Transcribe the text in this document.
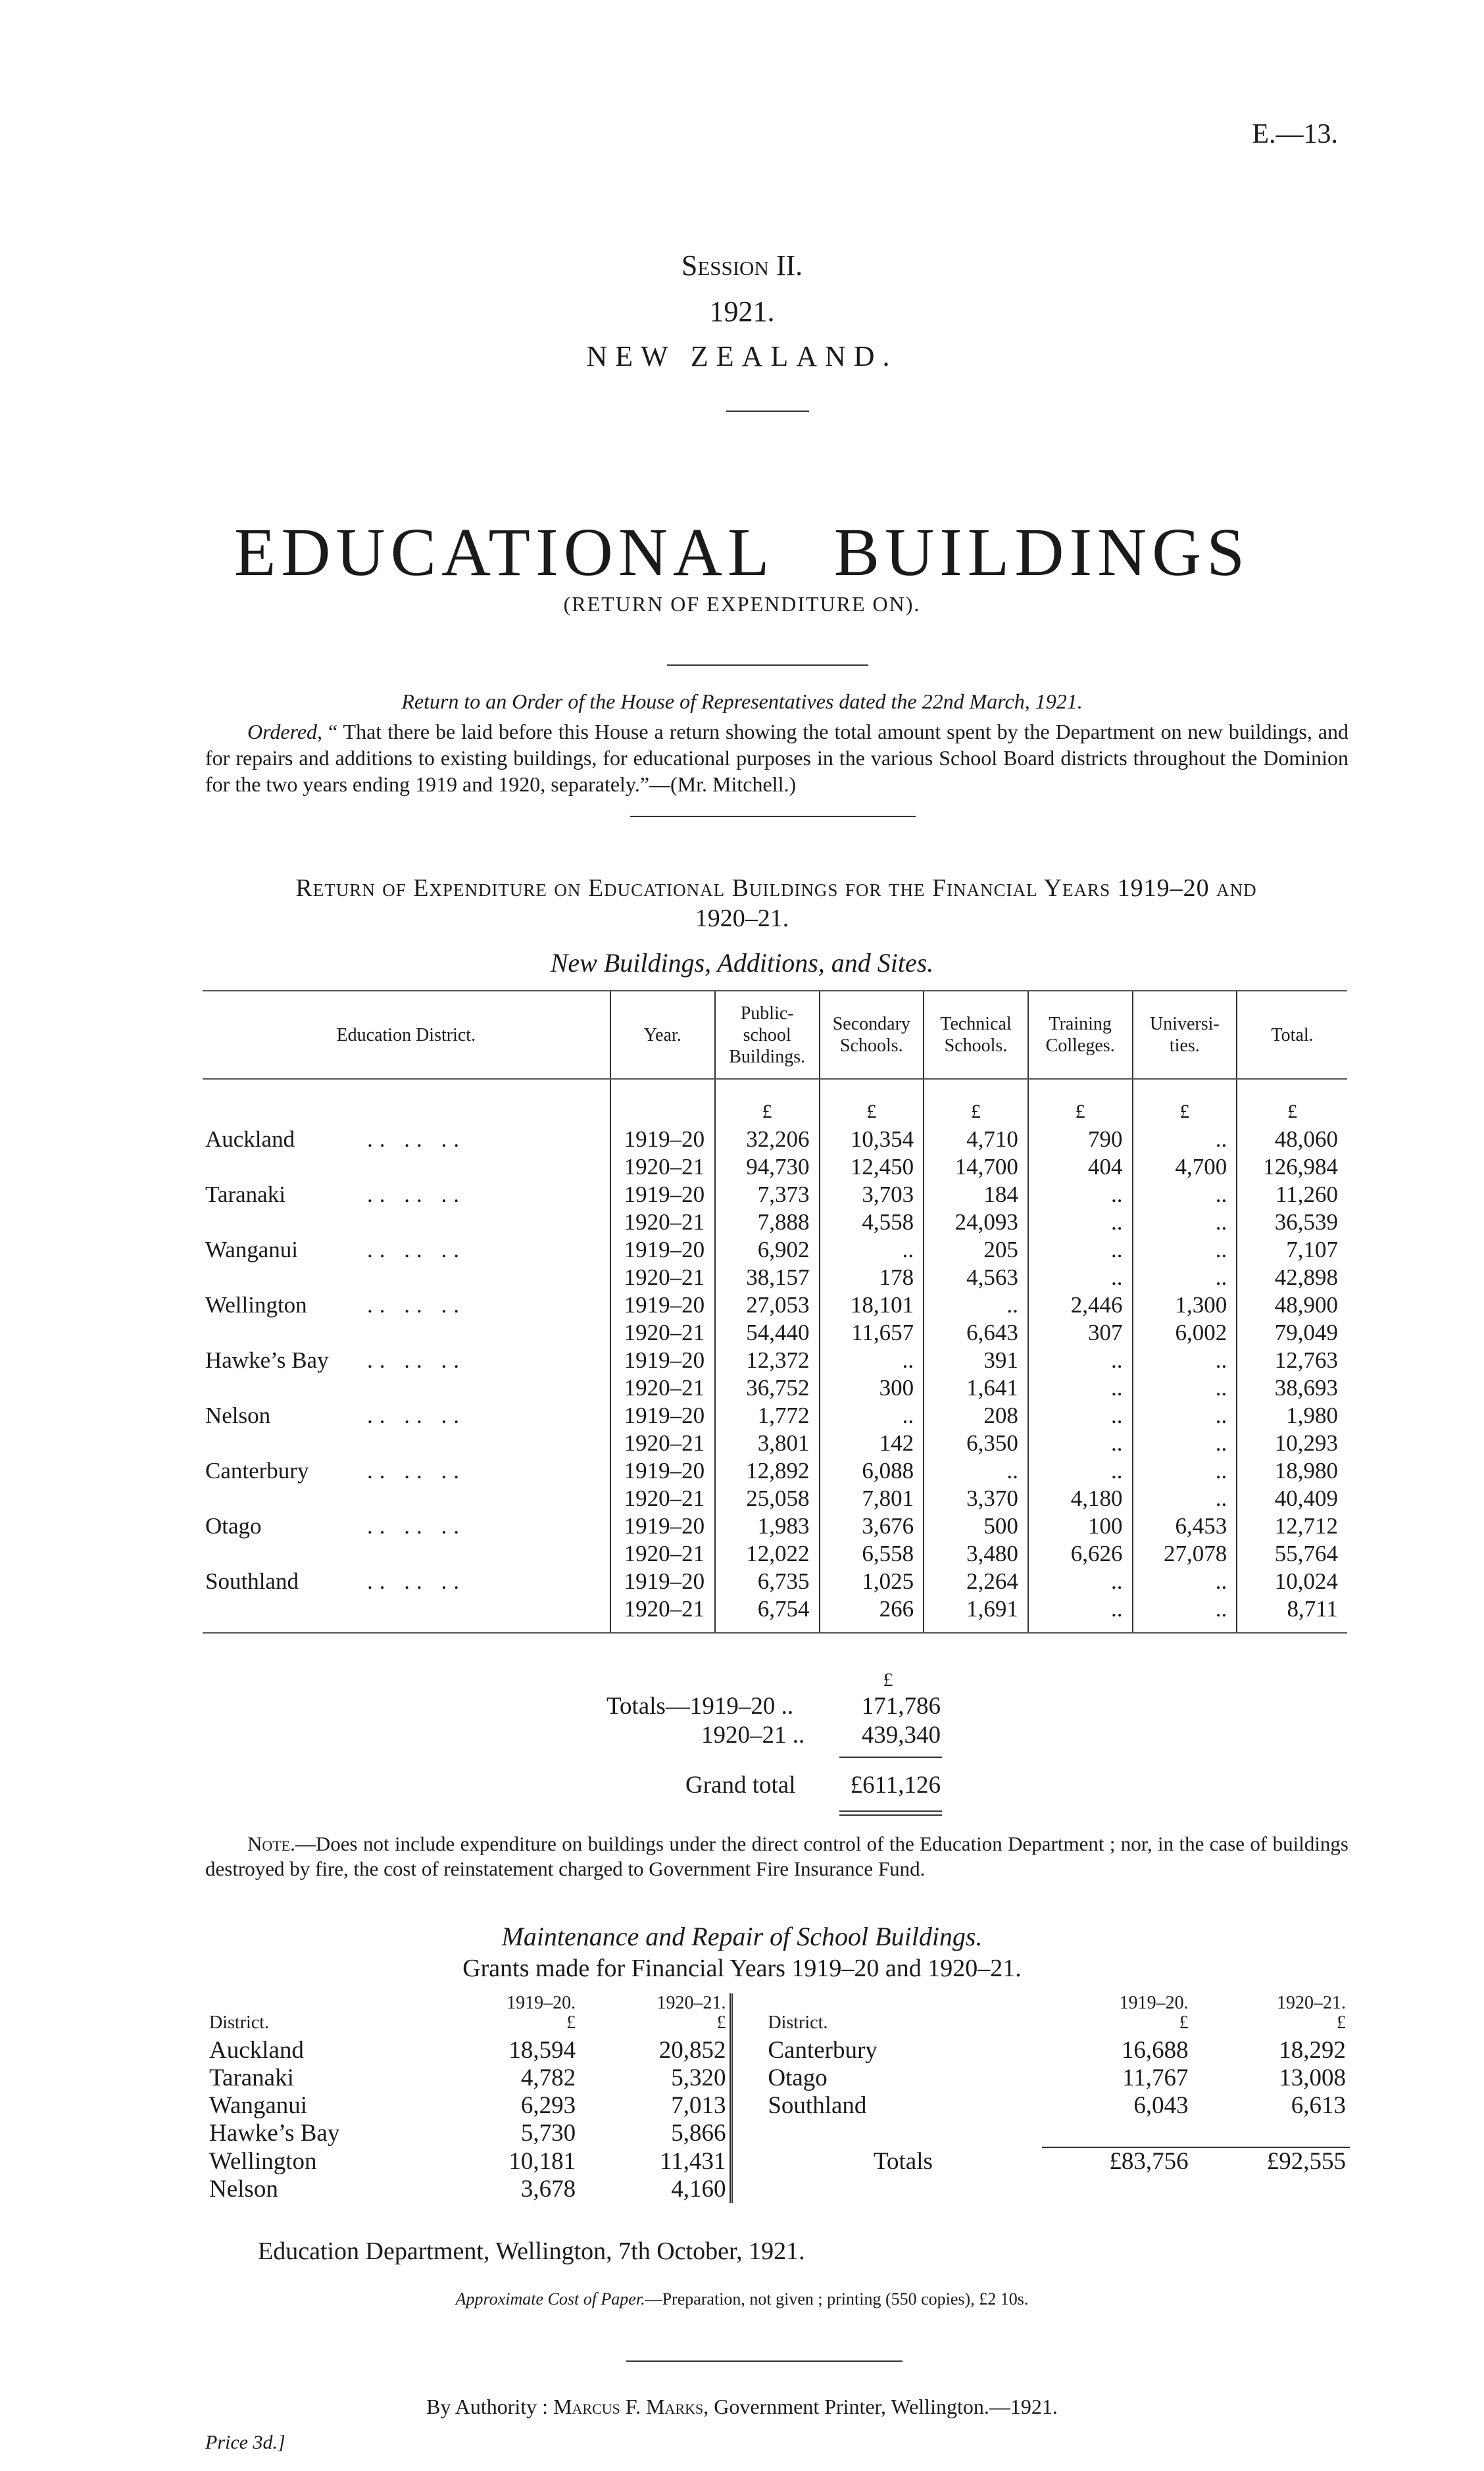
E.—13.
Session II.
1921.
NEW ZEALAND.
EDUCATIONAL BUILDINGS
(RETURN OF EXPENDITURE ON).
Return to an Order of the House of Representatives dated the 22nd March, 1921.
Ordered, “ That there be laid before this House a return showing the total amount spent by the Department on new buildings, and for repairs and additions to existing buildings, for educational purposes in the various School Board districts throughout the Dominion for the two years ending 1919 and 1920, separately.”—(Mr. Mitchell.)
Return of Expenditure on Educational Buildings for the Financial Years 1919–20 and
1920–21.
New Buildings, Additions, and Sites.
Education District.	Year.	Public-school Buildings.	Secondary Schools.	Technical Schools.	Training Colleges.	Universi-ties.	Total.
		£	£	£	£	£	£
Auckland .. .. ..	1919–20	32,206	10,354	4,710	790	..	48,060
	1920–21	94,730	12,450	14,700	404	4,700	126,984
Taranaki .. .. ..	1919–20	7,373	3,703	184	..	..	11,260
	1920–21	7,888	4,558	24,093	..	..	36,539
Wanganui .. .. ..	1919–20	6,902	..	205	..	..	7,107
	1920–21	38,157	178	4,563	..	..	42,898
Wellington .. .. ..	1919–20	27,053	18,101	..	2,446	1,300	48,900
	1920–21	54,440	11,657	6,643	307	6,002	79,049
Hawke’s Bay .. .. ..	1919–20	12,372	..	391	..	..	12,763
	1920–21	36,752	300	1,641	..	..	38,693
Nelson .. .. ..	1919–20	1,772	..	208	..	..	1,980
	1920–21	3,801	142	6,350	..	..	10,293
Canterbury .. .. ..	1919–20	12,892	6,088	..	..	..	18,980
	1920–21	25,058	7,801	3,370	4,180	..	40,409
Otago .. .. ..	1919–20	1,983	3,676	500	100	6,453	12,712
	1920–21	12,022	6,558	3,480	6,626	27,078	55,764
Southland .. .. ..	1919–20	6,735	1,025	2,264	..	..	10,024
	1920–21	6,754	266	1,691	..	..	8,711
£
Totals—1919–20 ..	171,786
1920–21 .. 439,340
Grand total £611,126
Note.—Does not include expenditure on buildings under the direct control of the Education Department ; nor, in the case of buildings destroyed by fire, the cost of reinstatement charged to Government Fire Insurance Fund.
Maintenance and Repair of School Buildings.
Grants made for Financial Years 1919–20 and 1920–21.
District.	1919–20.
£	1920–21.
£		District.	1919–20.
£	1920–21.
£
Auckland	18,594	20,852		Canterbury	16,688	18,292
Taranaki	4,782	5,320		Otago	11,767	13,008
Wanganui	6,293	7,013		Southland	6,043	6,613
Hawke’s Bay	5,730	5,866				
Wellington	10,181	11,431		Totals	£83,756	£92,555
Nelson	3,678	4,160				
Education Department, Wellington, 7th October, 1921.
Approximate Cost of Paper.—Preparation, not given ; printing (550 copies), £2 10s.
By Authority : Marcus F. Marks, Government Printer, Wellington.—1921.
Price 3d.]
